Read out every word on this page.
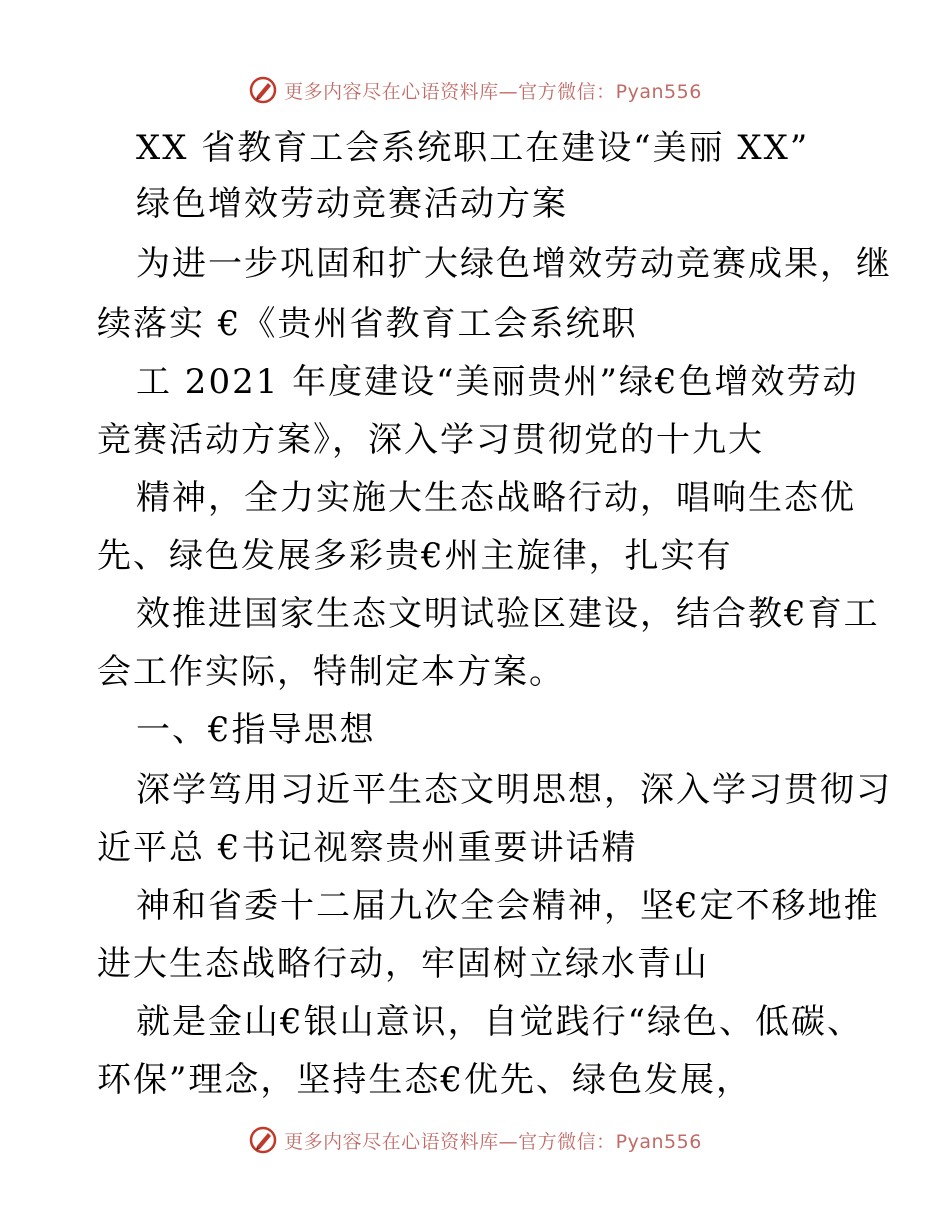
更多内容尽在心语资料库— 官方微信：Pyan556
XX 省教育工会系统职工在建设“美丽 XX”
绿色增效劳动竞赛活动方案
为进一步巩固和扩大绿色增效劳动竞赛成果，继
续落实 €《贵州省教育工会系统职
工 2021 年度建设“美丽贵州”绿€色增效劳动
竞赛活动方案》，深入学习贯彻党的十九大
精神，全力实施大生态战略行动，唱响生态优
先、绿色发展多彩贵€州主旋律，扎实有
效推进国家生态文明试验区建设，结合教€育工
会工作实际，特制定本方案。
一、€指导思想
深学笃用习近平生态文明思想，深入学习贯彻习
近平总 €书记视察贵州重要讲话精
神和省委十二届九次全会精神，坚€定不移地推
进大生态战略行动，牢固树立绿水青山
就是金山€银山意识，自觉践行“绿色、低碳、
环保”理念，坚持生态€优先、绿色发展，
更多内容尽在心语资料库— 官方微信：Pyan556
